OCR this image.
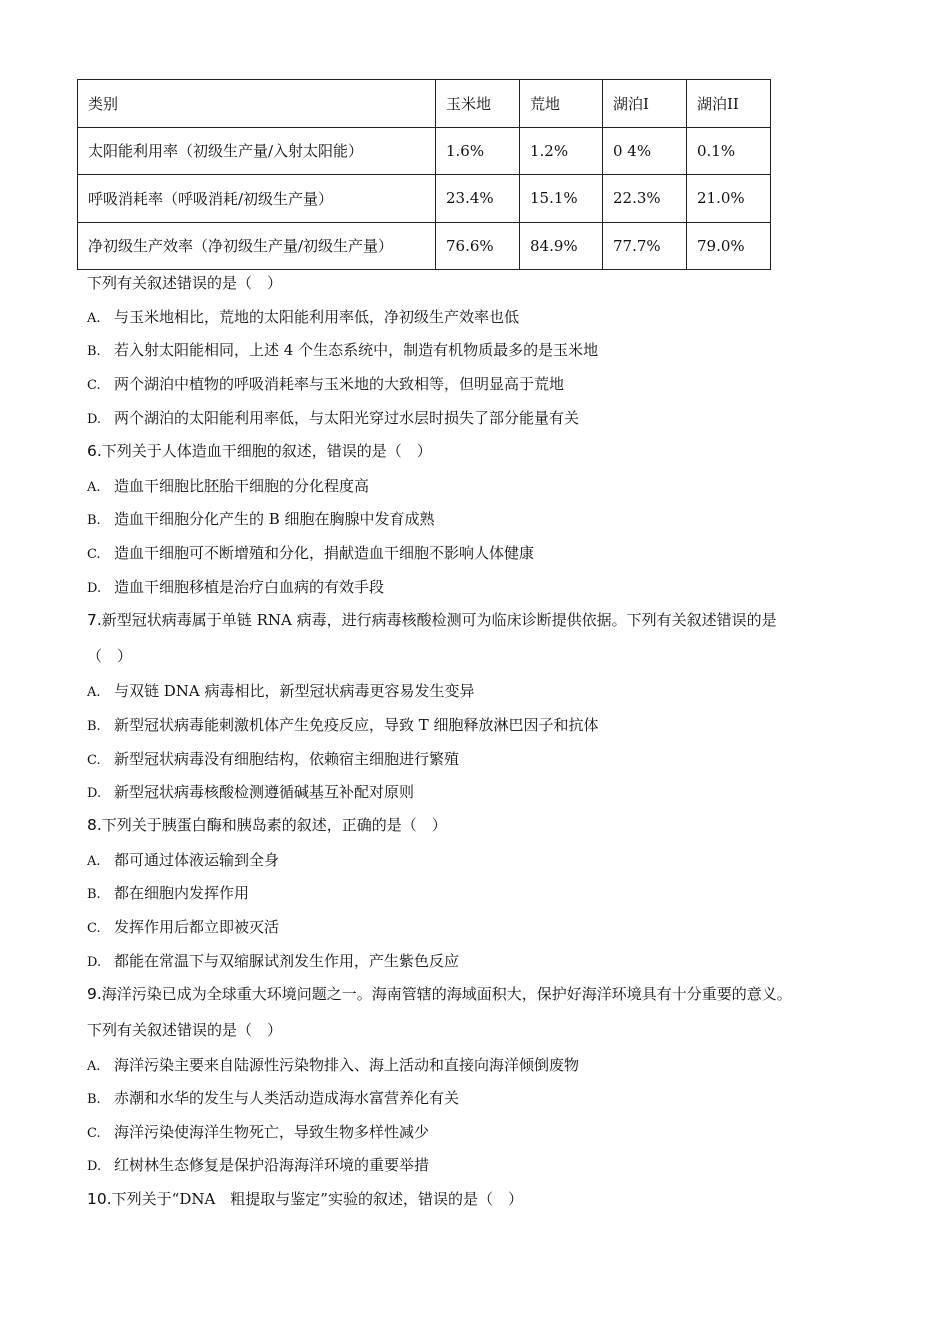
类别	玉米地	荒地	湖泊I	湖泊II
太阳能利用率（初级生产量/入射太阳能）	1.6%	1.2%	0 4%	0.1%
呼吸消耗率（呼吸消耗/初级生产量）	23.4%	15.1%	22.3%	21.0%
净初级生产效率（净初级生产量/初级生产量）	76.6%	84.9%	77.7%	79.0%
下列有关叙述错误的是（　）
A. 与玉米地相比，荒地的太阳能利用率低，净初级生产效率也低
B. 若入射太阳能相同，上述 4 个生态系统中，制造有机物质最多的是玉米地
C. 两个湖泊中植物的呼吸消耗率与玉米地的大致相等，但明显高于荒地
D. 两个湖泊的太阳能利用率低，与太阳光穿过水层时损失了部分能量有关
6.下列关于人体造血干细胞的叙述，错误的是（　）
A. 造血干细胞比胚胎干细胞的分化程度高
B. 造血干细胞分化产生的 B 细胞在胸腺中发育成熟
C. 造血干细胞可不断增殖和分化，捐献造血干细胞不影响人体健康
D. 造血干细胞移植是治疗白血病的有效手段
7.新型冠状病毒属于单链 RNA 病毒，进行病毒核酸检测可为临床诊断提供依据。下列有关叙述错误的是
（　）
A. 与双链 DNA 病毒相比，新型冠状病毒更容易发生变异
B. 新型冠状病毒能刺激机体产生免疫反应，导致 T 细胞释放淋巴因子和抗体
C. 新型冠状病毒没有细胞结构，依赖宿主细胞进行繁殖
D. 新型冠状病毒核酸检测遵循碱基互补配对原则
8.下列关于胰蛋白酶和胰岛素的叙述，正确的是（　）
A. 都可通过体液运输到全身
B. 都在细胞内发挥作用
C. 发挥作用后都立即被灭活
D. 都能在常温下与双缩脲试剂发生作用，产生紫色反应
9.海洋污染已成为全球重大环境问题之一。海南管辖的海域面积大，保护好海洋环境具有十分重要的意义。
下列有关叙述错误的是（　）
A. 海洋污染主要来自陆源性污染物排入、海上活动和直接向海洋倾倒废物
B. 赤潮和水华的发生与人类活动造成海水富营养化有关
C. 海洋污染使海洋生物死亡，导致生物多样性减少
D. 红树林生态修复是保护沿海海洋环境的重要举措
10.下列关于“DNA　粗提取与鉴定”实验的叙述，错误的是（　）
